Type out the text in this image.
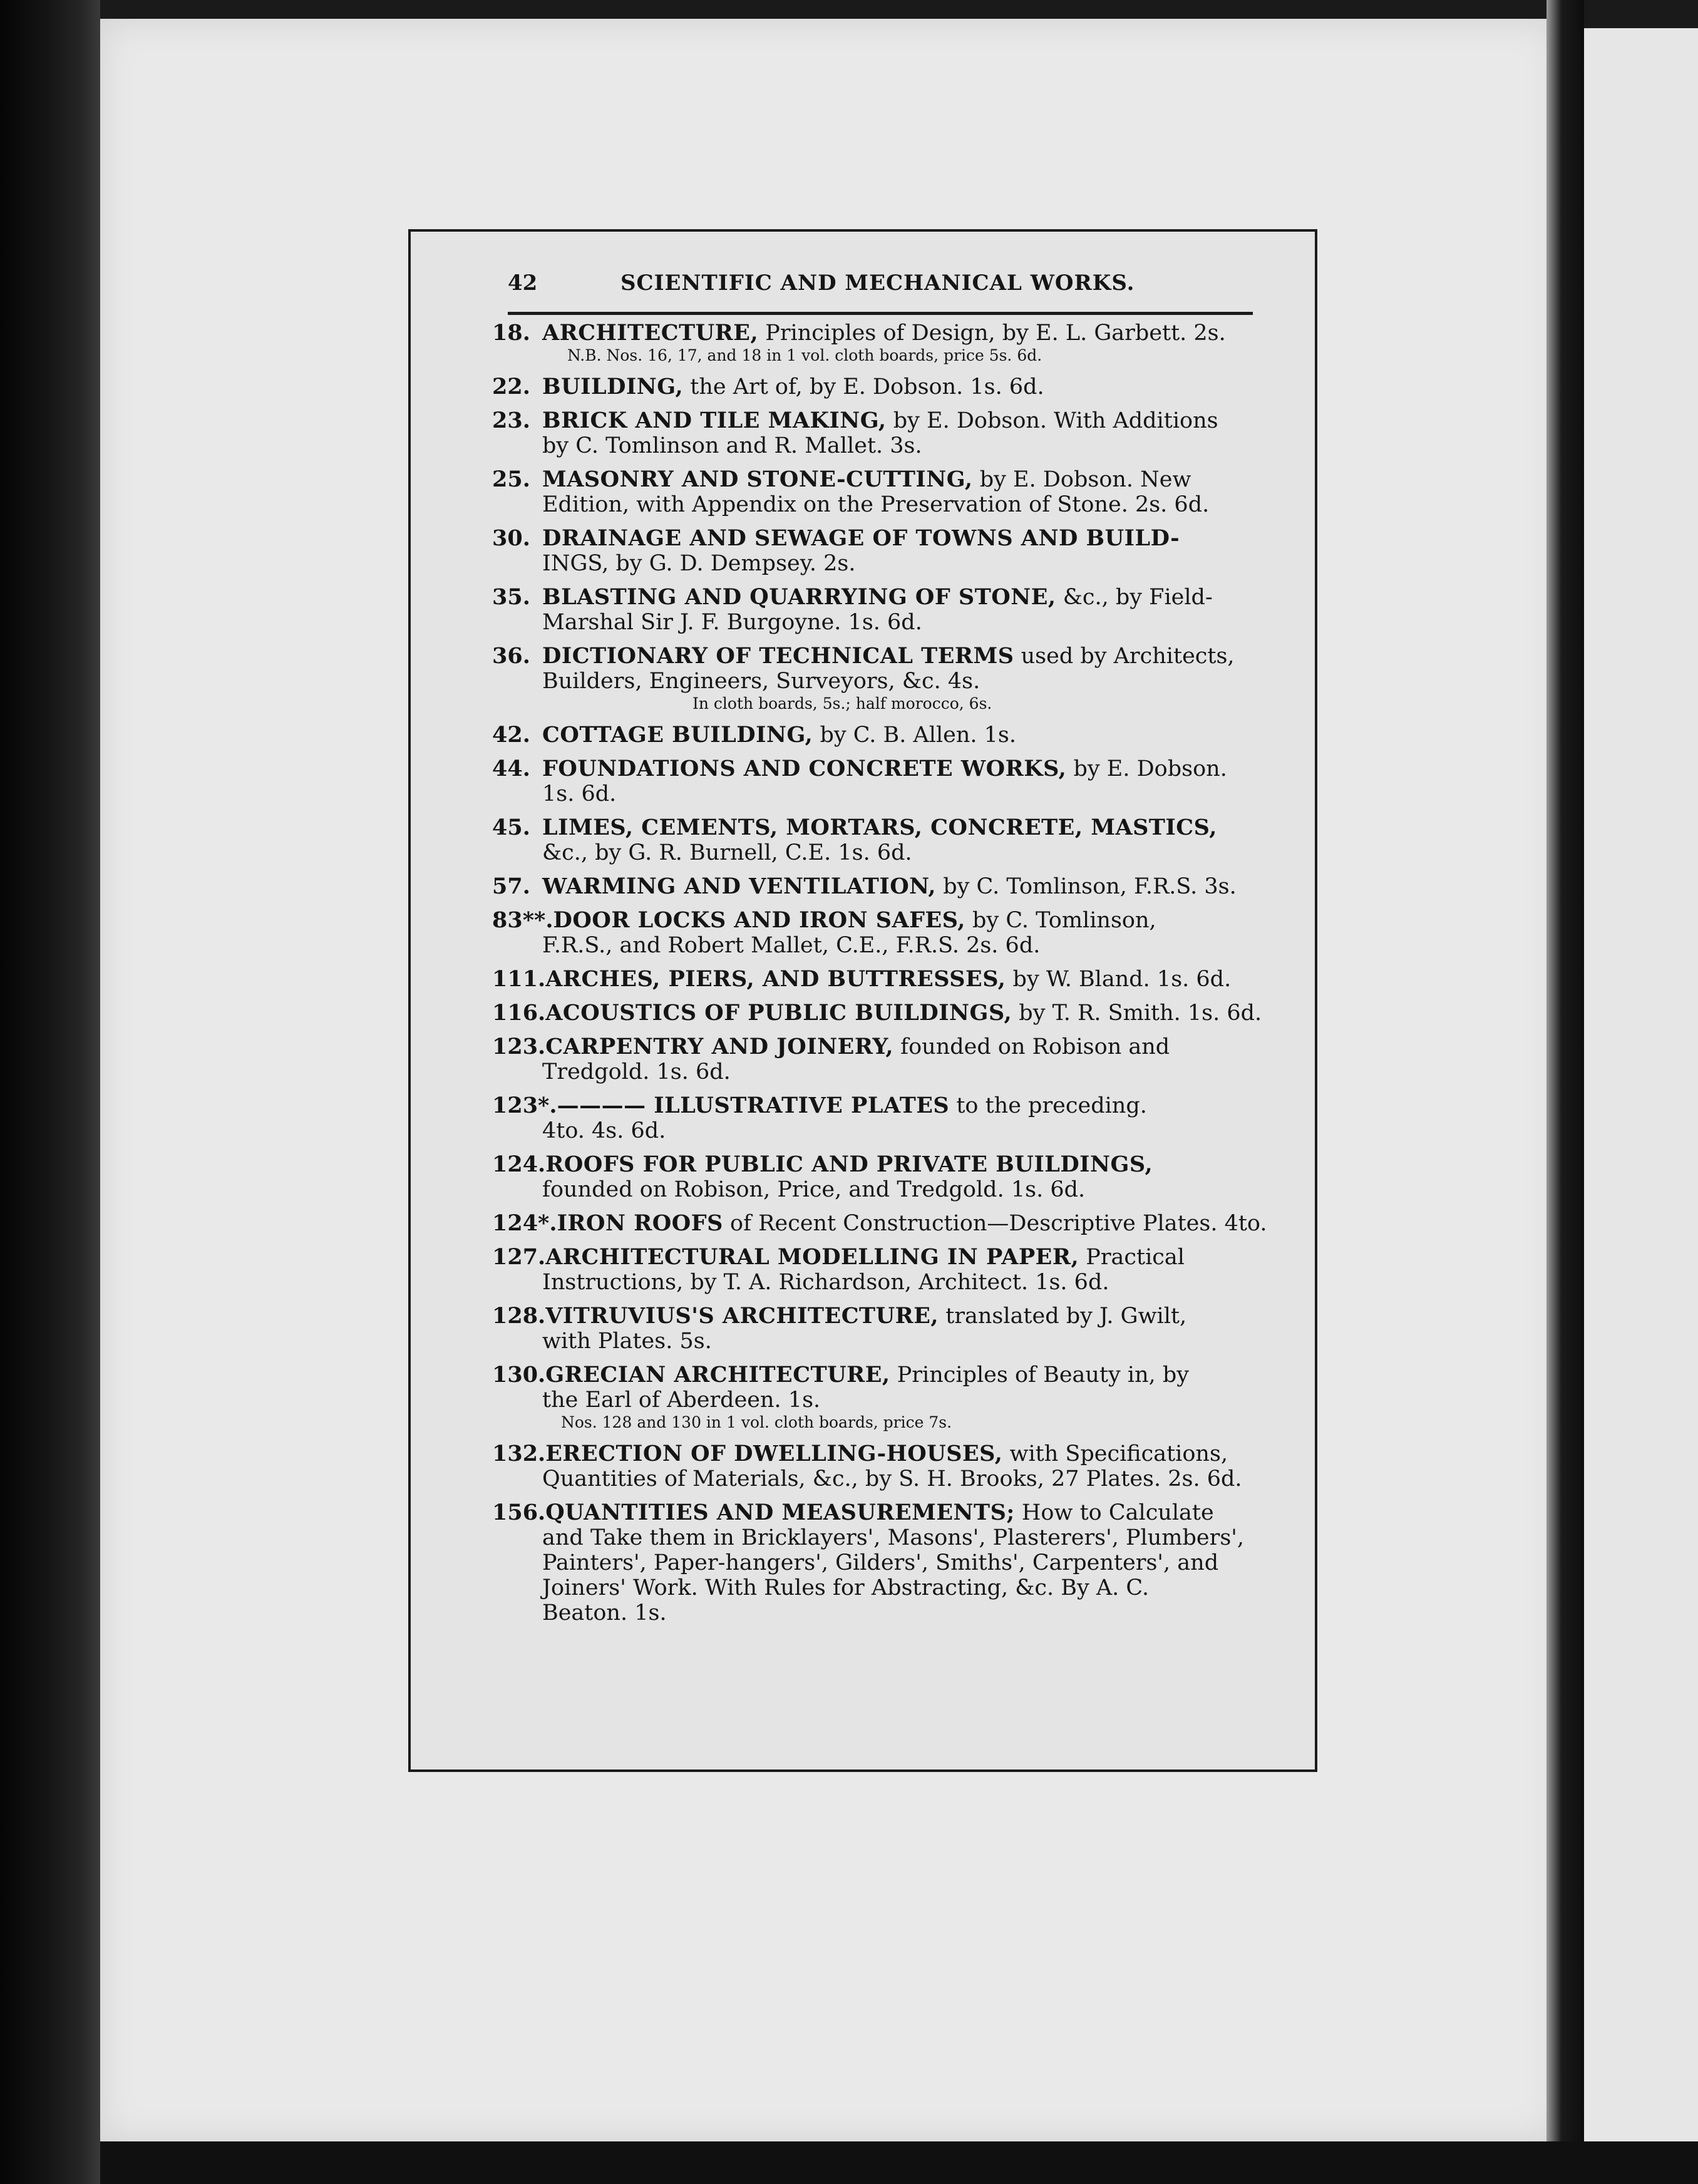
42	SCIENTIFIC AND MECHANICAL WORKS.

18. ARCHITECTURE, Principles of Design, by E. L. Garbett. 2s.

N.B. Nos. 16, 17, and 18 in 1 vol. cloth boards, price 5s. 6d.

22. BUILDING, the Art of, by E. Dobson. 1s. 6d.

23. BRICK AND TILE MAKING, by E. Dobson. With Additions

by C. Tomlinson and R. Mallet. 3s.

25. MASONRY AND STONE-CUTTING, by E. Dobson. New

Edition, with Appendix on the Preservation of Stone. 2s. 6d.

30. DRAINAGE AND SEWAGE OF TOWNS AND BUILD-

INGS, by G. D. Dempsey. 2s.

35. BLASTING AND QUARRYING OF STONE, &c., by Field-

Marshal Sir J. F. Burgoyne. 1s. 6d.

36. DICTIONARY OF TECHNICAL TERMS used by Architects,

Builders, Engineers, Surveyors, &c. 4s.

In cloth boards, 5s.; half morocco, 6s.

42. COTTAGE BUILDING, by C. B. Allen. 1s.

44. FOUNDATIONS AND CONCRETE WORKS, by E. Dobson.

1s. 6d.

45. LIMES, CEMENTS, MORTARS, CONCRETE, MASTICS,

&c., by G. R. Burnell, C.E. 1s. 6d.

57. WARMING AND VENTILATION, by C. Tomlinson, F.R.S. 3s.

83**.DOOR LOCKS AND IRON SAFES, by C. Tomlinson,

F.R.S., and Robert Mallet, C.E., F.R.S. 2s. 6d.

111.ARCHES, PIERS, AND BUTTRESSES, by W. Bland. 1s. 6d.

116.ACOUSTICS OF PUBLIC BUILDINGS, by T. R. Smith. 1s. 6d.

123.CARPENTRY AND JOINERY, founded on Robison and

Tredgold. 1s. 6d.

123*.———— ILLUSTRATIVE PLATES to the preceding.

4to. 4s. 6d.

124.ROOFS FOR PUBLIC AND PRIVATE BUILDINGS,

founded on Robison, Price, and Tredgold. 1s. 6d.

124*.IRON ROOFS of Recent Construction—Descriptive Plates. 4to.

127.ARCHITECTURAL MODELLING IN PAPER, Practical

Instructions, by T. A. Richardson, Architect. 1s. 6d.

128.VITRUVIUS'S ARCHITECTURE, translated by J. Gwilt,

with Plates. 5s.

130.GRECIAN ARCHITECTURE, Principles of Beauty in, by

the Earl of Aberdeen. 1s.

Nos. 128 and 130 in 1 vol. cloth boards, price 7s.

132.ERECTION OF DWELLING-HOUSES, with Specifications,

Quantities of Materials, &c., by S. H. Brooks, 27 Plates. 2s. 6d.

156.QUANTITIES AND MEASUREMENTS; How to Calculate

and Take them in Bricklayers', Masons', Plasterers', Plumbers',

Painters', Paper-hangers', Gilders', Smiths', Carpenters', and

Joiners' Work. With Rules for Abstracting, &c. By A. C.

Beaton. 1s.
